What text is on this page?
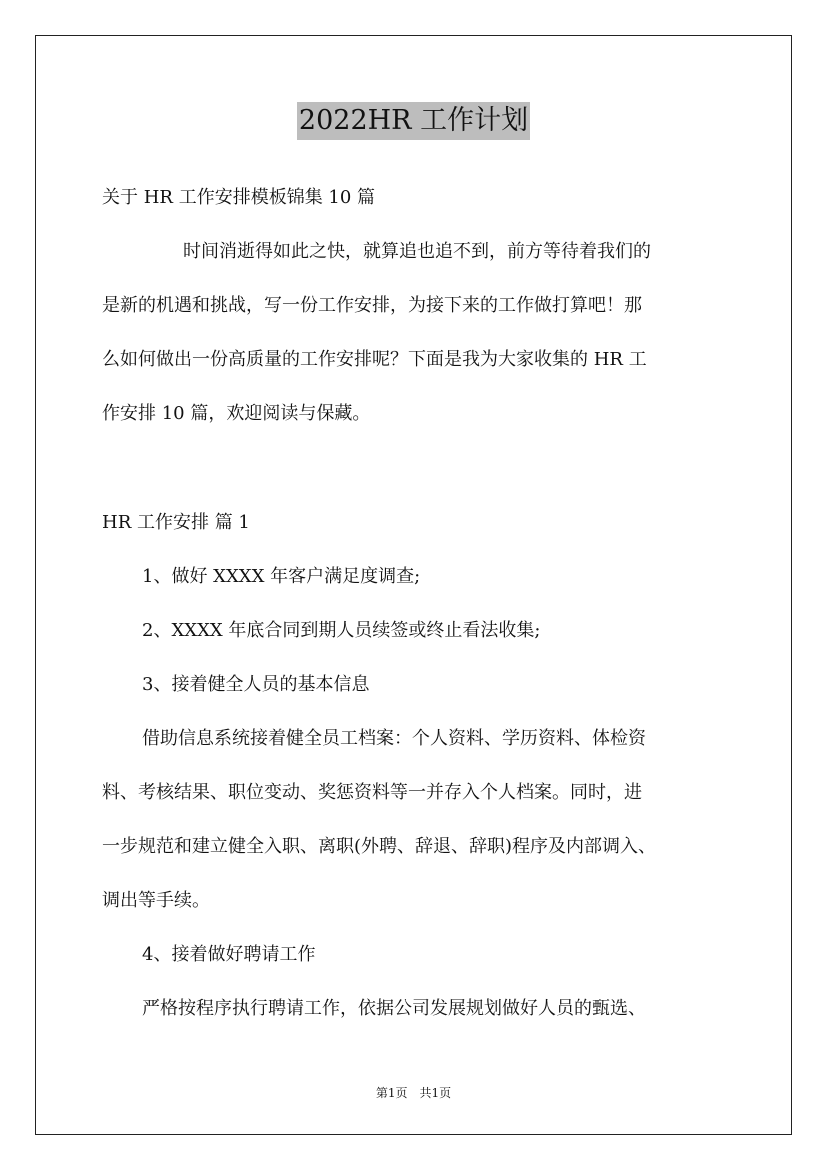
2022HR 工作计划
关于 HR 工作安排模板锦集 10 篇
时间消逝得如此之快，就算追也追不到，前方等待着我们的
是新的机遇和挑战，写一份工作安排，为接下来的工作做打算吧！那
么如何做出一份高质量的工作安排呢？下面是我为大家收集的 HR 工
作安排 10 篇，欢迎阅读与保藏。
HR 工作安排 篇 1
1、做好 XXXX 年客户满足度调查;
2、XXXX 年底合同到期人员续签或终止看法收集;
3、接着健全人员的基本信息
借助信息系统接着健全员工档案：个人资料、学历资料、体检资
料、考核结果、职位变动、奖惩资料等一并存入个人档案。同时，进
一步规范和建立健全入职、离职(外聘、辞退、辞职)程序及内部调入、
调出等手续。
4、接着做好聘请工作
严格按程序执行聘请工作，依据公司发展规划做好人员的甄选、
第1页　共1页
